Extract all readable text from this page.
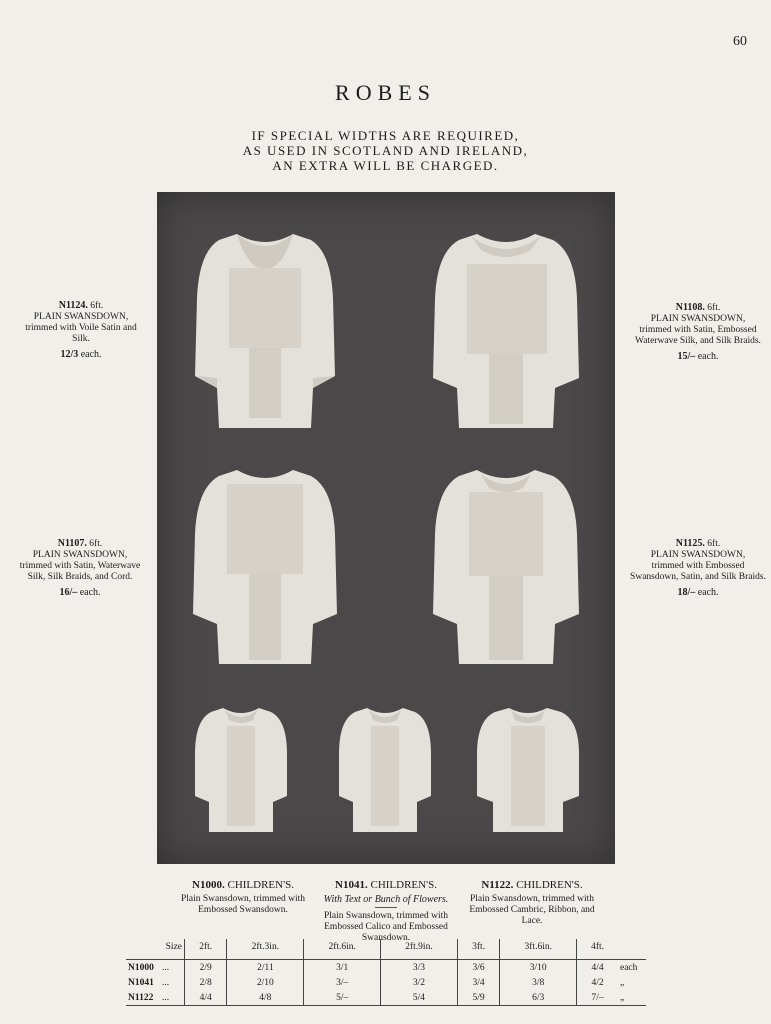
60
ROBES
IF SPECIAL WIDTHS ARE REQUIRED,
AS USED IN SCOTLAND AND IRELAND,
AN EXTRA WILL BE CHARGED.
N1124. 6ft.
PLAIN SWANSDOWN,
trimmed with Voile Satin and Silk.
12/3 each.
N1108. 6ft.
PLAIN SWANSDOWN,
trimmed with Satin, Embossed Waterwave Silk, and Silk Braids.
15/– each.
N1107. 6ft.
PLAIN SWANSDOWN,
trimmed with Satin, Waterwave Silk, Silk Braids, and Cord.
16/– each.
N1125. 6ft.
PLAIN SWANSDOWN,
trimmed with Embossed Swansdown, Satin, and Silk Braids.
18/– each.
N1000. CHILDREN'S.
Plain Swansdown, trimmed with Embossed Swansdown.
N1041. CHILDREN'S.
With Text or Bunch of Flowers.
Plain Swansdown, trimmed with Embossed Calico and Embossed Swansdown.
N1122. CHILDREN'S.
Plain Swansdown, trimmed with Embossed Cambric, Ribbon, and Lace.
Size		2ft.	2ft.3in.	2ft.6in.	2ft.9in.	3ft.	3ft.6in.	4ft.	
N1000	...	2/9	2/11	3/1	3/3	3/6	3/10	4/4	each
N1041	...	2/8	2/10	3/–	3/2	3/4	3/8	4/2	„
N1122	...	4/4	4/8	5/–	5/4	5/9	6/3	7/–	„
